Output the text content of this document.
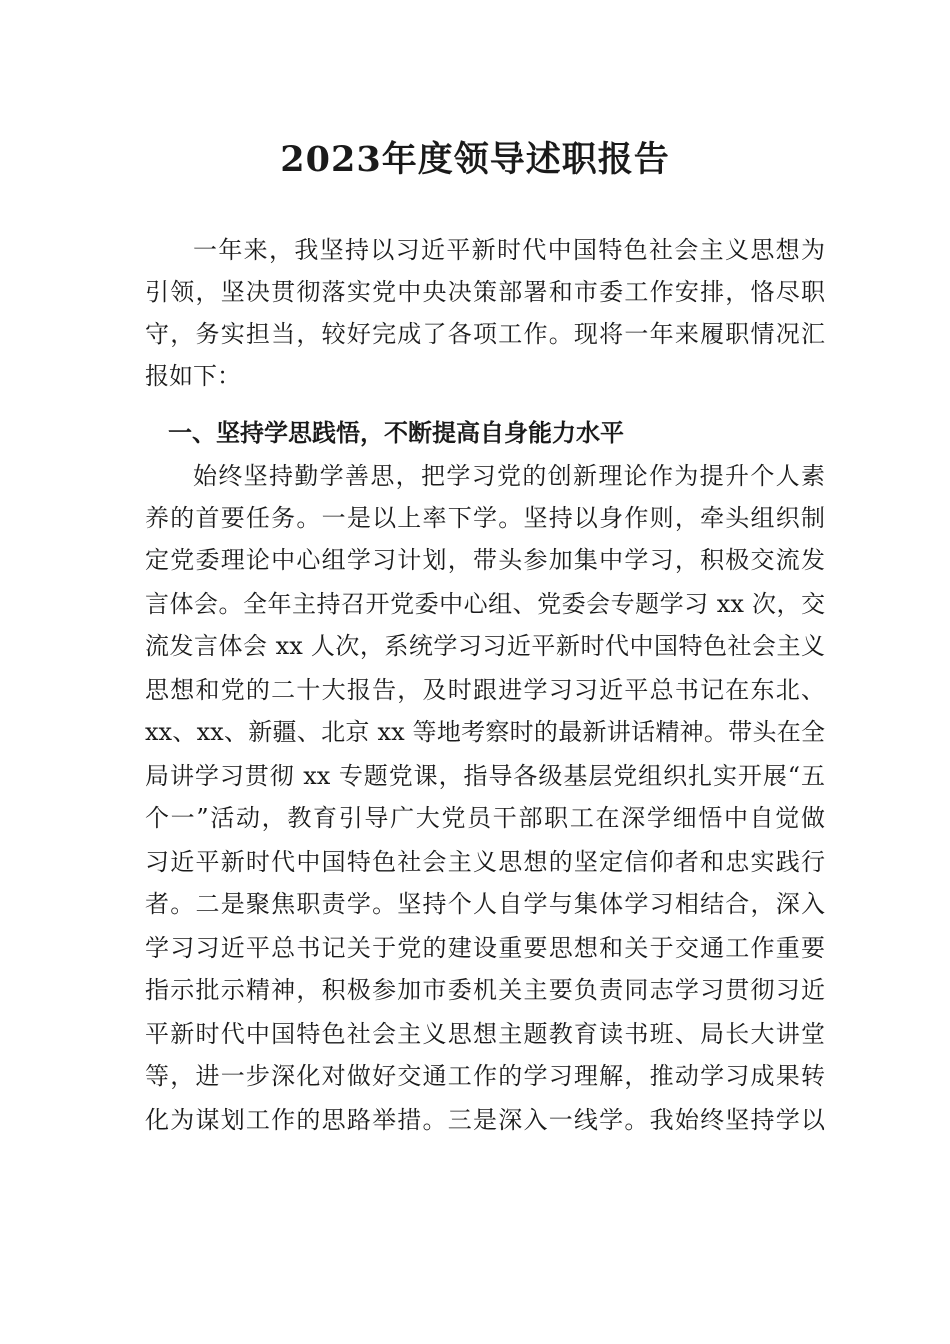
2023年度领导述职报告

一年来，我坚持以习近平新时代中国特色社会主义思想为

引领，坚决贯彻落实党中央决策部署和市委工作安排，恪尽职

守，务实担当，较好完成了各项工作。现将一年来履职情况汇

报如下：

一、坚持学思践悟，不断提高自身能力水平

始终坚持勤学善思，把学习党的创新理论作为提升个人素

养的首要任务。一是以上率下学。坚持以身作则，牵头组织制

定党委理论中心组学习计划，带头参加集中学习，积极交流发

言体会。全年主持召开党委中心组、党委会专题学习 xx 次，交

流发言体会 xx 人次，系统学习习近平新时代中国特色社会主义

思想和党的二十大报告，及时跟进学习习近平总书记在东北、

xx、xx、新疆、北京 xx 等地考察时的最新讲话精神。带头在全

局讲学习贯彻 xx 专题党课，指导各级基层党组织扎实开展“五

个一”活动，教育引导广大党员干部职工在深学细悟中自觉做

习近平新时代中国特色社会主义思想的坚定信仰者和忠实践行

者。二是聚焦职责学。坚持个人自学与集体学习相结合，深入

学习习近平总书记关于党的建设重要思想和关于交通工作重要

指示批示精神，积极参加市委机关主要负责同志学习贯彻习近

平新时代中国特色社会主义思想主题教育读书班、局长大讲堂

等，进一步深化对做好交通工作的学习理解，推动学习成果转

化为谋划工作的思路举措。三是深入一线学。我始终坚持学以
